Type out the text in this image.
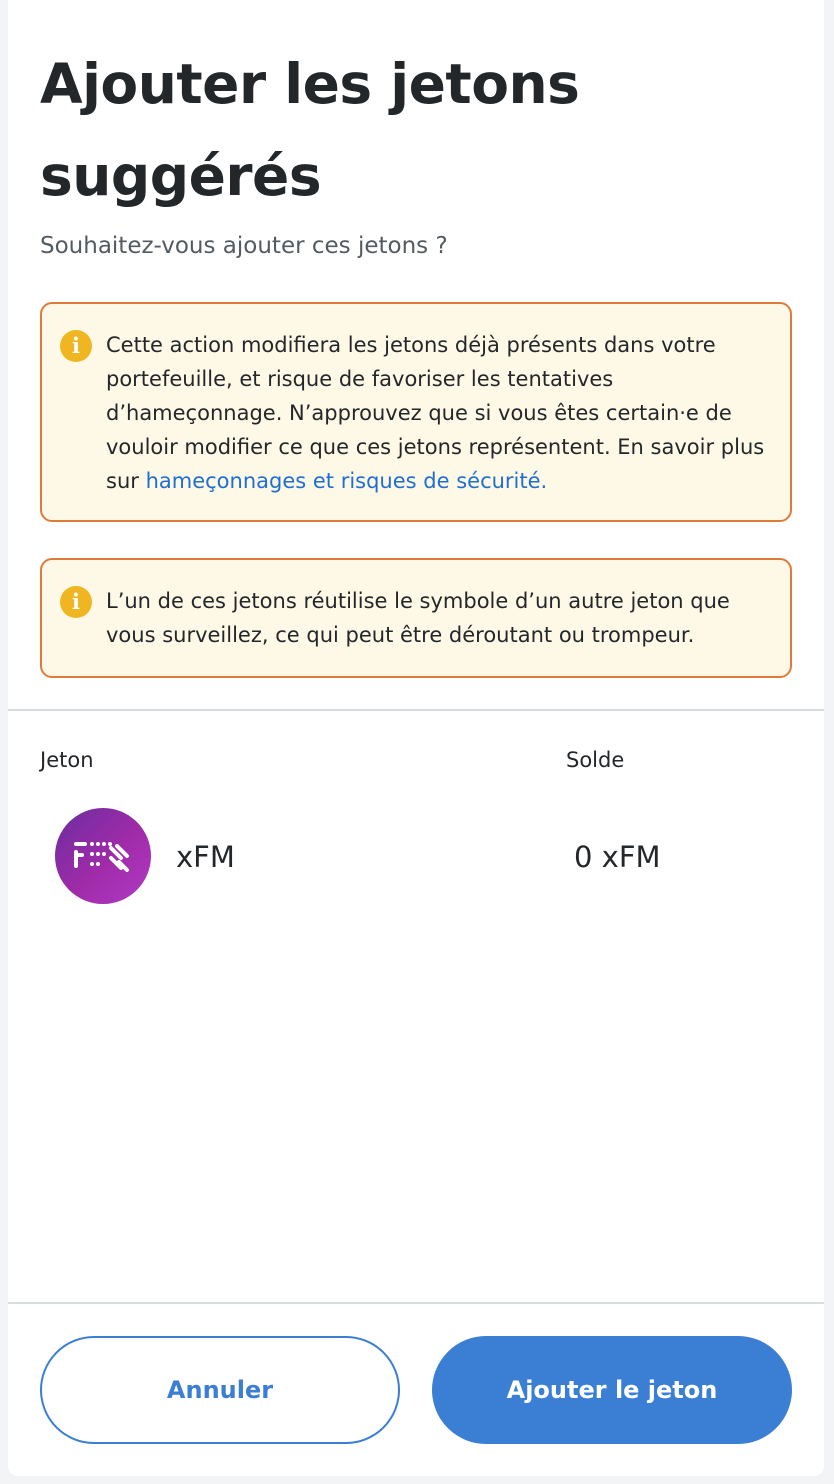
Ajouter les jetons suggérés

Souhaitez-vous ajouter ces jetons ?

i	Cette action modifiera les jetons déjà présents dans votre portefeuille, et risque de favoriser les tentatives d’hameçonnage. N’approuvez que si vous êtes certain·e de vouloir modifier ce que ces jetons représentent. En savoir plus sur hameçonnages et risques de sécurité.

i	L’un de ces jetons réutilise le symbole d’un autre jeton que vous surveillez, ce qui peut être déroutant ou trompeur.

Jeton	Solde
xFM	0 xFM
Annuler	Ajouter le jeton
